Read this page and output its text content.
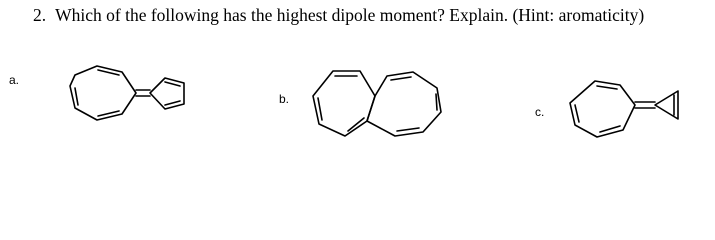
2. Which of the following has the highest dipole moment? Explain. (Hint: aromaticity)
a.
b.
c.
